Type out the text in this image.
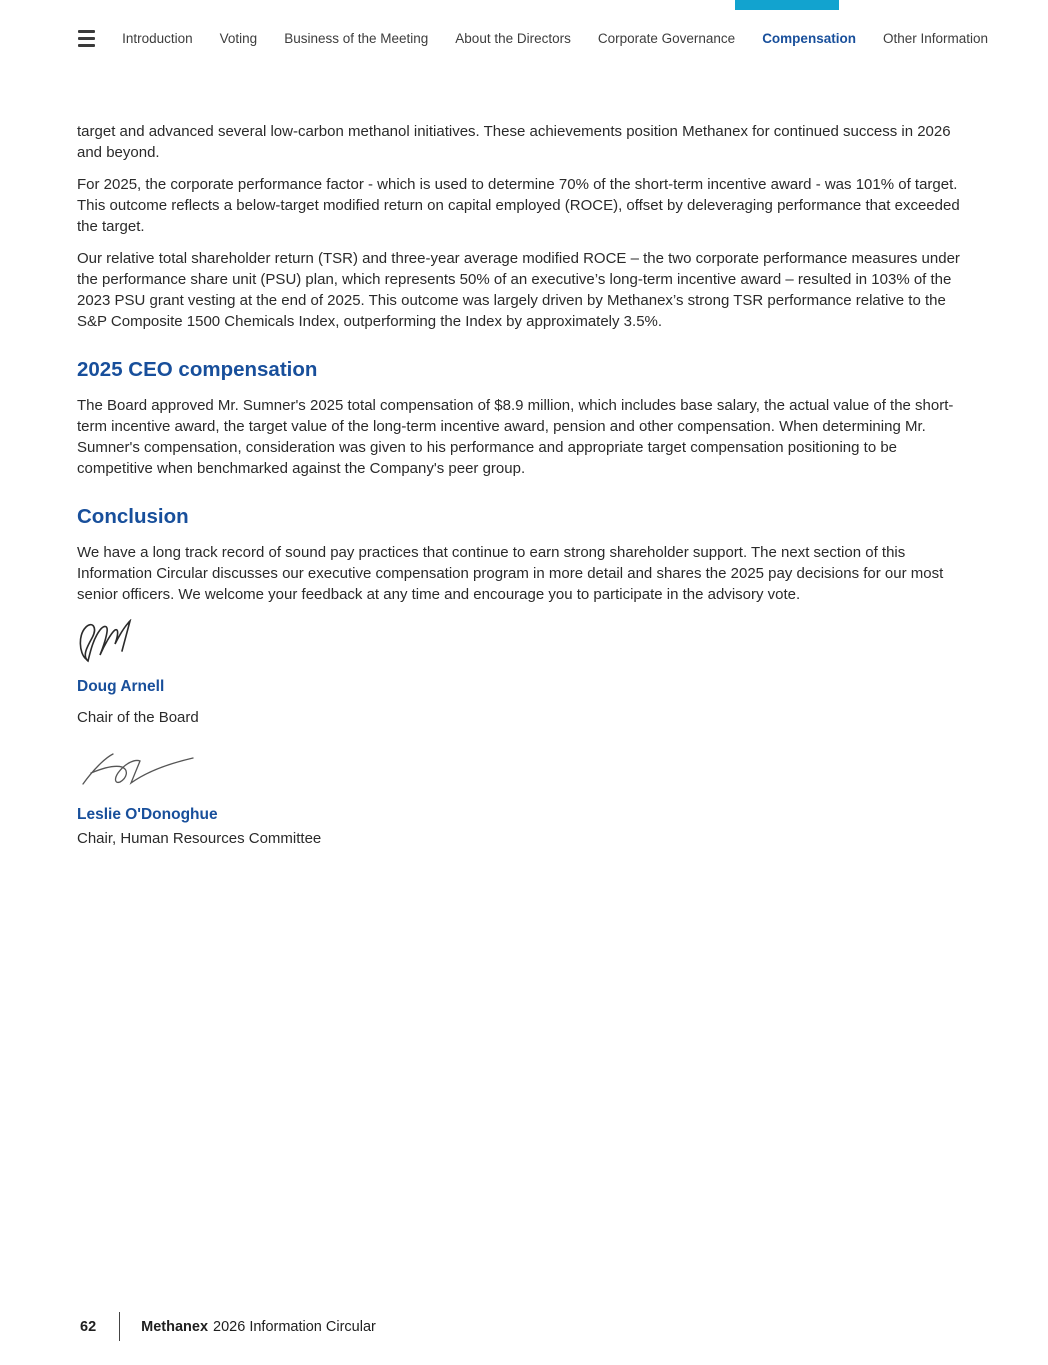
Introduction Voting Business of the Meeting About the Directors Corporate Governance Compensation Other Information

target and advanced several low-carbon methanol initiatives. These achievements position Methanex for continued success in 2026 and beyond.

For 2025, the corporate performance factor - which is used to determine 70% of the short-term incentive award - was 101% of target. This outcome reflects a below-target modified return on capital employed (ROCE), offset by deleveraging performance that exceeded the target.

Our relative total shareholder return (TSR) and three-year average modified ROCE – the two corporate performance measures under the performance share unit (PSU) plan, which represents 50% of an executive’s long-term incentive award – resulted in 103% of the 2023 PSU grant vesting at the end of 2025. This outcome was largely driven by Methanex’s strong TSR performance relative to the S&P Composite 1500 Chemicals Index, outperforming the Index by approximately 3.5%.

2025 CEO compensation

The Board approved Mr. Sumner's 2025 total compensation of $8.9 million, which includes base salary, the actual value of the short-term incentive award, the target value of the long-term incentive award, pension and other compensation. When determining Mr. Sumner's compensation, consideration was given to his performance and appropriate target compensation positioning to be competitive when benchmarked against the Company's peer group.

Conclusion

We have a long track record of sound pay practices that continue to earn strong shareholder support. The next section of this Information Circular discusses our executive compensation program in more detail and shares the 2025 pay decisions for our most senior officers. We welcome your feedback at any time and encourage you to participate in the advisory vote.

Doug Arnell
Chair of the Board
Leslie O'Donoghue
Chair, Human Resources Committee
62	Methanex 2026 Information Circular
